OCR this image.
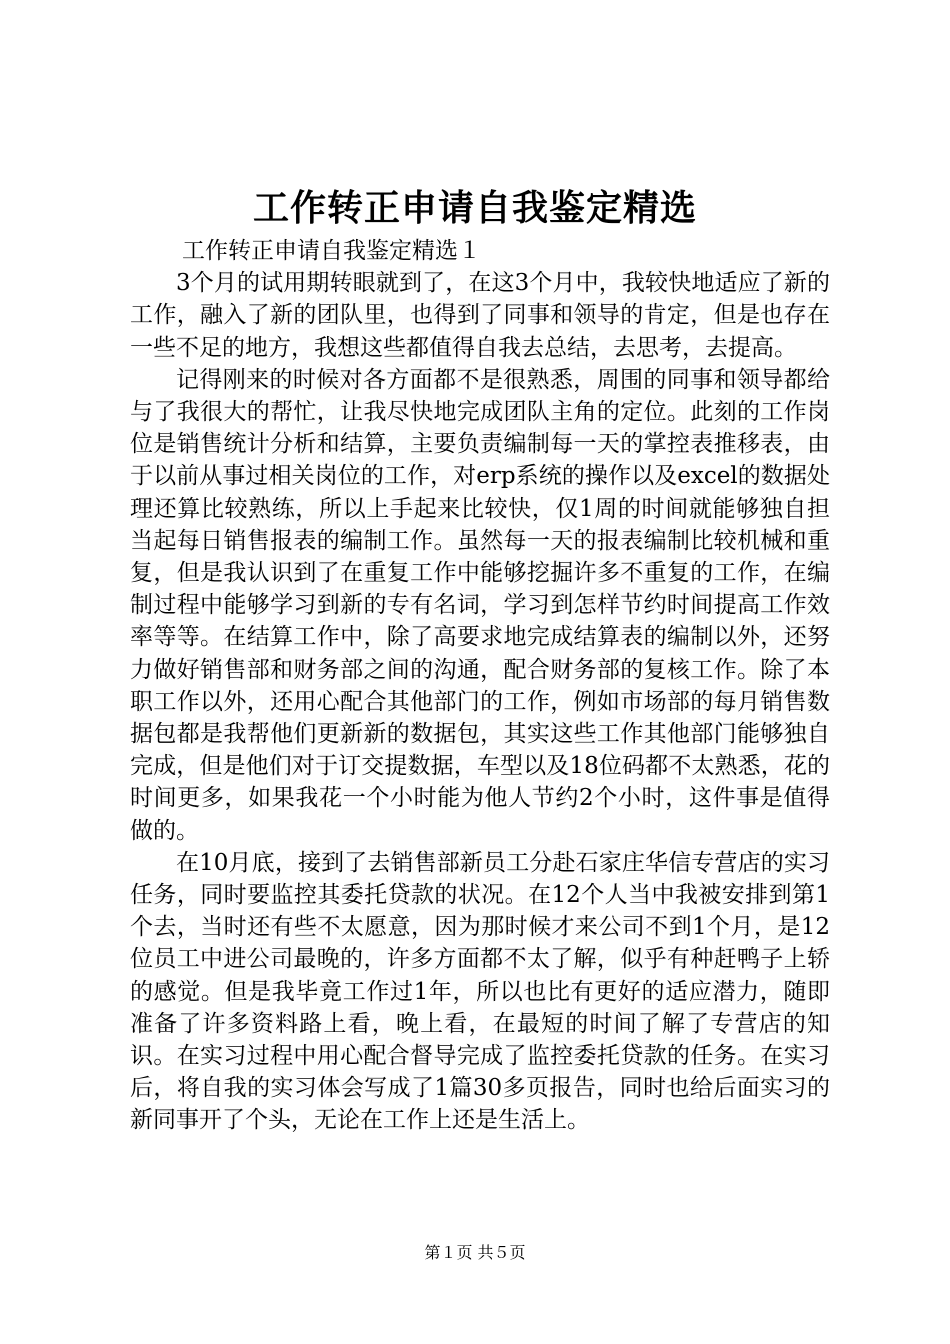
工作转正申请自我鉴定精选

工作转正申请自我鉴定精选１

3个月的试用期转眼就到了，在这3个月中，我较快地适应了新的工作，融入了新的团队里，也得到了同事和领导的肯定，但是也存在一些不足的地方，我想这些都值得自我去总结，去思考，去提高。

记得刚来的时候对各方面都不是很熟悉，周围的同事和领导都给与了我很大的帮忙，让我尽快地完成团队主角的定位。此刻的工作岗位是销售统计分析和结算，主要负责编制每一天的掌控表推移表，由于以前从事过相关岗位的工作，对erp系统的操作以及excel的数据处理还算比较熟练，所以上手起来比较快，仅1周的时间就能够独自担当起每日销售报表的编制工作。虽然每一天的报表编制比较机械和重复，但是我认识到了在重复工作中能够挖掘许多不重复的工作，在编制过程中能够学习到新的专有名词，学习到怎样节约时间提高工作效率等等。在结算工作中，除了高要求地完成结算表的编制以外，还努力做好销售部和财务部之间的沟通，配合财务部的复核工作。除了本职工作以外，还用心配合其他部门的工作，例如市场部的每月销售数据包都是我帮他们更新新的数据包，其实这些工作其他部门能够独自完成，但是他们对于订交提数据，车型以及18位码都不太熟悉，花的时间更多，如果我花一个小时能为他人节约2个小时，这件事是值得做的。

在10月底，接到了去销售部新员工分赴石家庄华信专营店的实习任务，同时要监控其委托贷款的状况。在12个人当中我被安排到第1个去，当时还有些不太愿意，因为那时候才来公司不到1个月，是12位员工中进公司最晚的，许多方面都不太了解，似乎有种赶鸭子上轿的感觉。但是我毕竟工作过1年，所以也比有更好的适应潜力，随即准备了许多资料路上看，晚上看，在最短的时间了解了专营店的知识。在实习过程中用心配合督导完成了监控委托贷款的任务。在实习后，将自我的实习体会写成了1篇30多页报告，同时也给后面实习的新同事开了个头，无论在工作上还是生活上。

第１页 共５页
